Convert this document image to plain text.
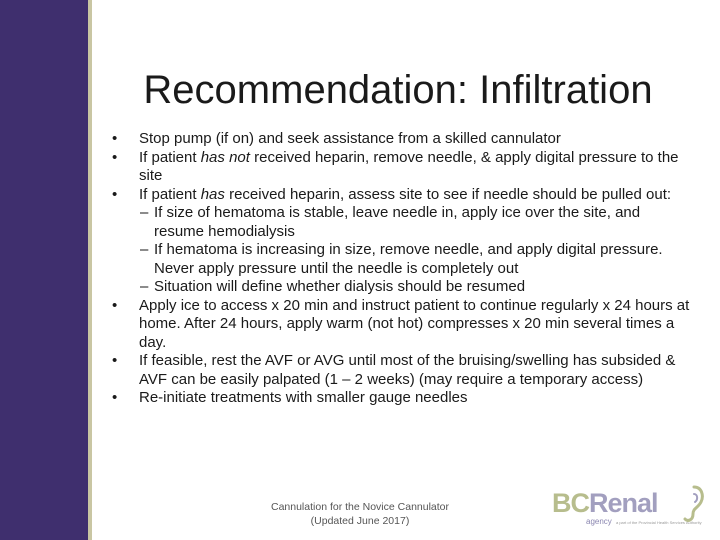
Recommendation: Infiltration
•	Stop pump (if on) and seek assistance from a skilled cannulator
•	If patient has not received heparin, remove needle, & apply digital pressure to the site
•	If patient has received heparin, assess site to see if needle should be pulled out:
– If size of hematoma is stable, leave needle in, apply ice over the site, and resume hemodialysis
– If hematoma is increasing in size, remove needle, and apply digital pressure. Never apply pressure until the needle is completely out
– Situation will define whether dialysis should be resumed
•	Apply ice to access x 20 min and instruct patient to continue regularly x 24 hours at home. After 24 hours, apply warm (not hot) compresses x 20 min several times a day.
•	If feasible, rest the AVF or AVG until most of the bruising/swelling has subsided & AVF can be easily palpated (1 – 2 weeks) (may require a temporary access)
•	Re-initiate treatments with smaller gauge needles
Cannulation for the Novice Cannulator
(Updated June 2017)
BCRenal
agency a part of the Provincial Health Services Authority
